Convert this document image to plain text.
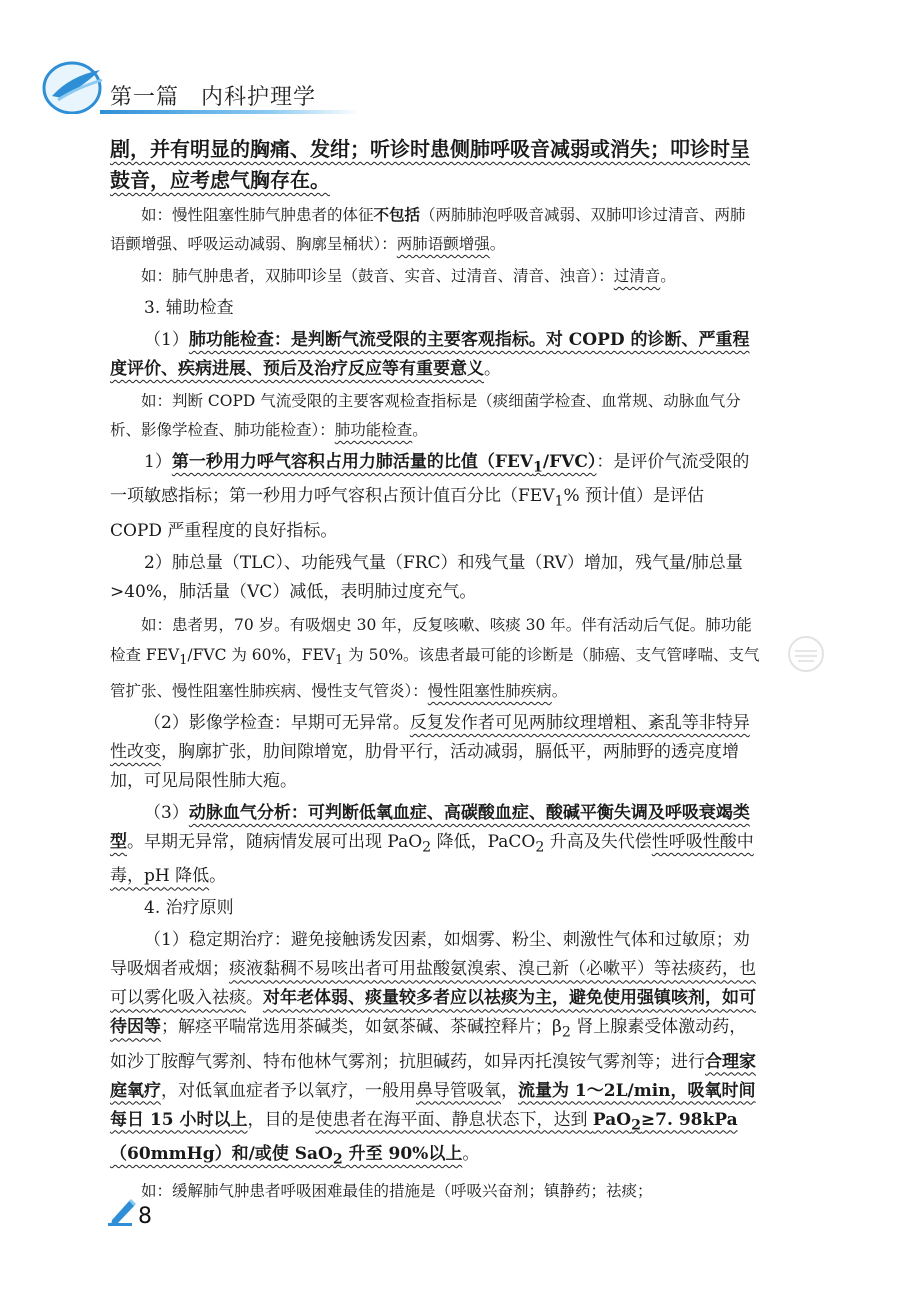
第一篇 内科护理学

剧，并有明显的胸痛、发绀；听诊时患侧肺呼吸音减弱或消失；叩诊时呈鼓音，应考虑气胸存在。

如：慢性阻塞性肺气肿患者的体征不包括（两肺肺泡呼吸音减弱、双肺叩诊过清音、两肺语颤增强、呼吸运动减弱、胸廓呈桶状）：两肺语颤增强。

如：肺气肿患者，双肺叩诊呈（鼓音、实音、过清音、清音、浊音）：过清音。

3. 辅助检查

（1）肺功能检查：是判断气流受限的主要客观指标。对 COPD 的诊断、严重程度评价、疾病进展、预后及治疗反应等有重要意义。

如：判断 COPD 气流受限的主要客观检查指标是（痰细菌学检查、血常规、动脉血气分析、影像学检查、肺功能检查）：肺功能检查。

1）第一秒用力呼气容积占用力肺活量的比值$(FEV_1/FVC)$：是评价气流受限的一项敏感指标；第一秒用力呼气容积占预计值百分比（$FEV_1\%$ 预计值）是评估 COPD 严重程度的良好指标。

2）肺总量（TLC）、功能残气量（FRC）和残气量（RV）增加，残气量/肺总量>40%，肺活量（VC）减低，表明肺过度充气。

如：患者男，70 岁。有吸烟史 30 年，反复咳嗽、咳痰 30 年。伴有活动后气促。肺功能检查 $FEV_1$/FVC 为 60%，$FEV_1$ 为 50%。该患者最可能的诊断是（肺癌、支气管哮喘、支气管扩张、慢性阻塞性肺疾病、慢性支气管炎）：慢性阻塞性肺疾病。

（2）影像学检查：早期可无异常。反复发作者可见两肺纹理增粗、紊乱等非特异性改变，胸廓扩张，肋间隙增宽，肋骨平行，活动减弱，膈低平，两肺野的透亮度增加，可见局限性肺大疱。

（3）动脉血气分析：可判断低氧血症、高碳酸血症、酸碱平衡失调及呼吸衰竭类型。早期无异常，随病情发展可出现 PaO$_2$ 降低，PaCO$_2$ 升高及失代偿性呼吸性酸中毒，pH 降低。

4. 治疗原则

（1）稳定期治疗：避免接触诱发因素，如烟雾、粉尘、刺激性气体和过敏原；劝导吸烟者戒烟；痰液黏稠不易咳出者可用盐酸氨溴索、溴己新（必嗽平）等祛痰药，也可以雾化吸入祛痰。对年老体弱、痰量较多者应以祛痰为主，避免使用强镇咳剂，如可待因等；解痉平喘常选用茶碱类，如氨茶碱、茶碱控释片；$\beta_2$ 肾上腺素受体激动药，如沙丁胺醇气雾剂、特布他林气雾剂；抗胆碱药，如异丙托溴铵气雾剂等；进行合理家庭氧疗，对低氧血症者予以氧疗，一般用鼻导管吸氧，流量为 1～2L/min，吸氧时间每日 15 小时以上，目的是使患者在海平面、静息状态下，达到 PaO$_2$≥7. 98kPa（60mmHg）和/或使 SaO$_2$ 升至 90%以上。

如：缓解肺气肿患者呼吸困难最佳的措施是（呼吸兴奋剂；镇静药；祛痰；

8
